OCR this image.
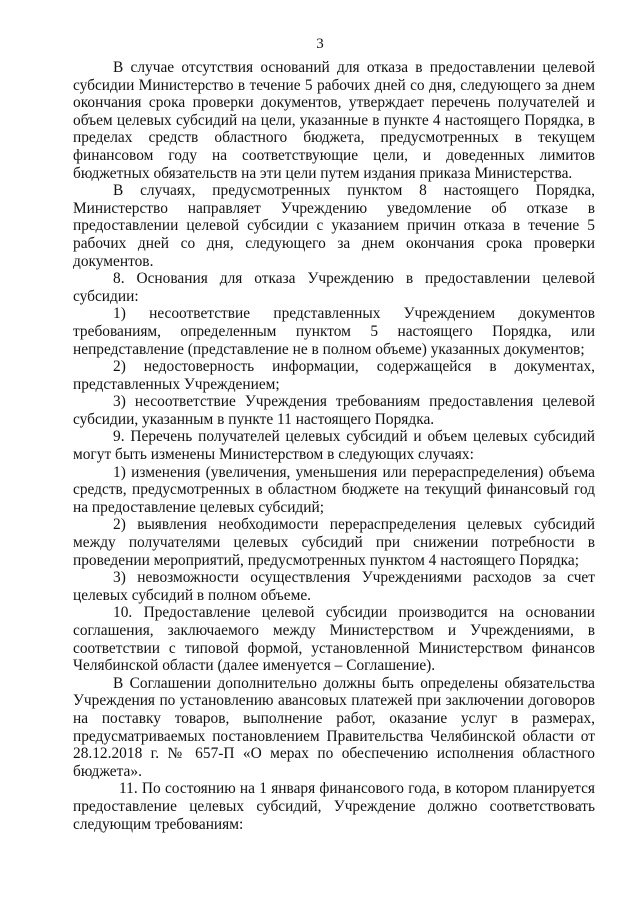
3

В случае отсутствия оснований для отказа в предоставлении целевой субсидии Министерство в течение 5 рабочих дней со дня, следующего за днем окончания срока проверки документов, утверждает перечень получателей и объем целевых субсидий на цели, указанные в пункте 4 настоящего Порядка, в пределах средств областного бюджета, предусмотренных в текущем финансовом году на соответствующие цели, и доведенных лимитов бюджетных обязательств на эти цели путем издания приказа Министерства.

В случаях, предусмотренных пунктом 8 настоящего Порядка, Министерство направляет Учреждению уведомление об отказе в предоставлении целевой субсидии с указанием причин отказа в течение 5 рабочих дней со дня, следующего за днем окончания срока проверки документов.

8. Основания для отказа Учреждению в предоставлении целевой субсидии:

1) несоответствие представленных Учреждением документов требованиям, определенным пунктом 5 настоящего Порядка, или непредставление (представление не в полном объеме) указанных документов;

2) недостоверность информации, содержащейся в документах, представленных Учреждением;

3) несоответствие Учреждения требованиям предоставления целевой субсидии, указанным в пункте 11 настоящего Порядка.

9. Перечень получателей целевых субсидий и объем целевых субсидий могут быть изменены Министерством в следующих случаях:

1) изменения (увеличения, уменьшения или перераспределения) объема средств, предусмотренных в областном бюджете на текущий финансовый год на предоставление целевых субсидий;

2) выявления необходимости перераспределения целевых субсидий между получателями целевых субсидий при снижении потребности в проведении мероприятий, предусмотренных пунктом 4 настоящего Порядка;

3) невозможности осуществления Учреждениями расходов за счет целевых субсидий в полном объеме.

10. Предоставление целевой субсидии производится на основании соглашения, заключаемого между Министерством и Учреждениями, в соответствии с типовой формой, установленной Министерством финансов Челябинской области (далее именуется – Соглашение).

В Соглашении дополнительно должны быть определены обязательства Учреждения по установлению авансовых платежей при заключении договоров на поставку товаров, выполнение работ, оказание услуг в размерах, предусматриваемых постановлением Правительства Челябинской области от 28.12.2018 г. № 657-П «О мерах по обеспечению исполнения областного бюджета».

11. По состоянию на 1 января финансового года, в котором планируется предоставление целевых субсидий, Учреждение должно соответствовать следующим требованиям:
